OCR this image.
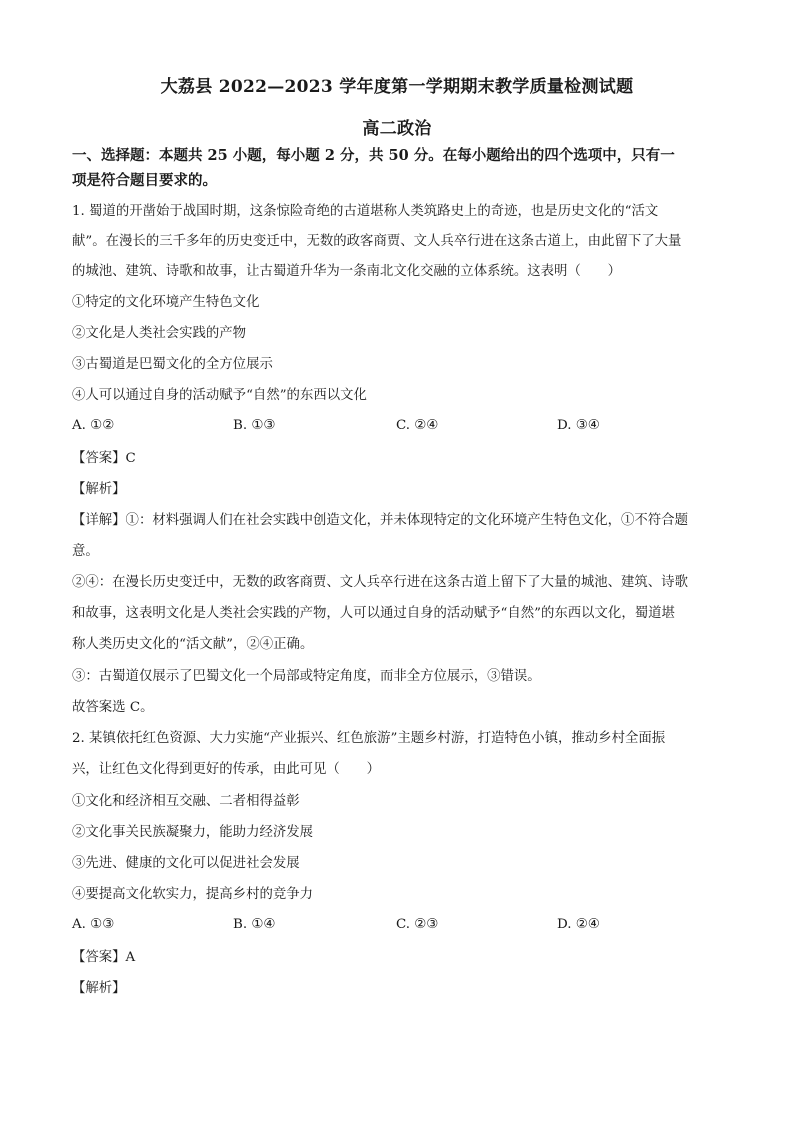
大荔县 2022—2023 学年度第一学期期末教学质量检测试题
高二政治
一、选择题：本题共 25 小题，每小题 2 分，共 50 分。在每小题给出的四个选项中，只有一
项是符合题目要求的。
1. 蜀道的开凿始于战国时期，这条惊险奇绝的古道堪称人类筑路史上的奇迹，也是历史文化的“活文
献”。在漫长的三千多年的历史变迁中，无数的政客商贾、文人兵卒行进在这条古道上，由此留下了大量
的城池、建筑、诗歌和故事，让古蜀道升华为一条南北文化交融的立体系统。这表明（　　）
①特定的文化环境产生特色文化
②文化是人类社会实践的产物
③古蜀道是巴蜀文化的全方位展示
④人可以通过自身的活动赋予“自然”的东西以文化
A. ①②	B. ①③	C. ②④	D. ③④
【答案】C
【解析】
【详解】①：材料强调人们在社会实践中创造文化，并未体现特定的文化环境产生特色文化，①不符合题
意。
②④：在漫长历史变迁中，无数的政客商贾、文人兵卒行进在这条古道上留下了大量的城池、建筑、诗歌
和故事，这表明文化是人类社会实践的产物，人可以通过自身的活动赋予“自然”的东西以文化，蜀道堪
称人类历史文化的“活文献”，②④正确。
③：古蜀道仅展示了巴蜀文化一个局部或特定角度，而非全方位展示，③错误。
故答案选 C。
2. 某镇依托红色资源、大力实施“产业振兴、红色旅游”主题乡村游，打造特色小镇，推动乡村全面振
兴，让红色文化得到更好的传承，由此可见（　　）
①文化和经济相互交融、二者相得益彰
②文化事关民族凝聚力，能助力经济发展
③先进、健康的文化可以促进社会发展
④要提高文化软实力，提高乡村的竞争力
A. ①③	B. ①④	C. ②③	D. ②④
【答案】A
【解析】
